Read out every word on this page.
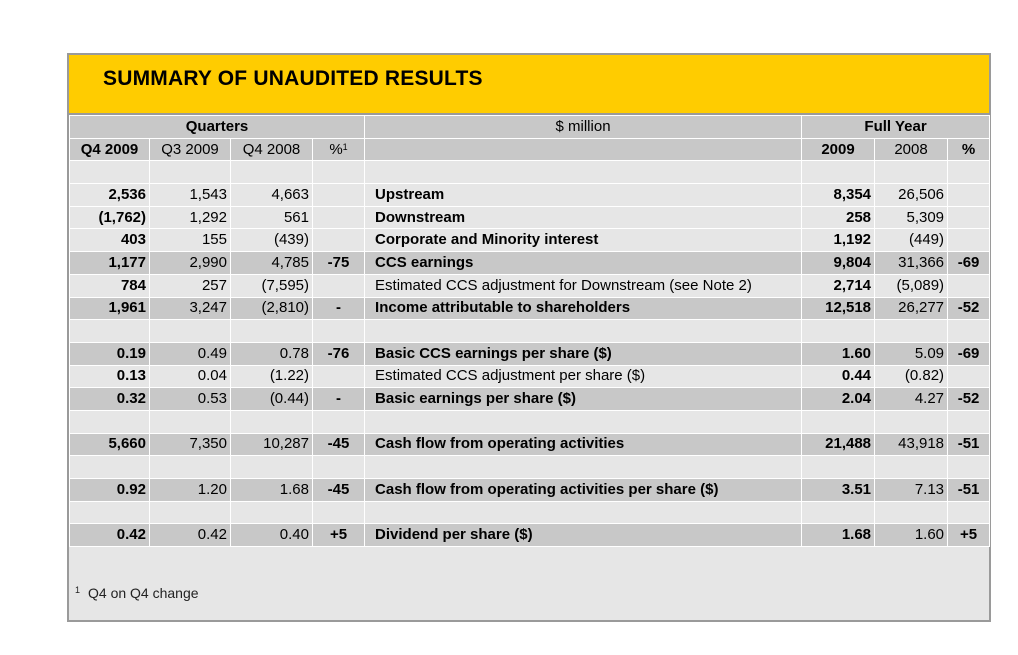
SUMMARY OF UNAUDITED RESULTS
Quarters				$ million	Full Year		
Q4 2009	Q3 2009	Q4 2008	%$^1$		2009	2008	%

2,536	1,543	4,663		Upstream	8,354	26,506	
(1,762)	1,292	561		Downstream	258	5,309	
403	155	(439)		Corporate and Minority interest	1,192	(449)	
1,177	2,990	4,785	-75	CCS earnings	9,804	31,366	-69
784	257	(7,595)		Estimated CCS adjustment for Downstream (see Note 2)	2,714	(5,089)	
1,961	3,247	(2,810)	-	Income attributable to shareholders	12,518	26,277	-52

0.19	0.49	0.78	-76	Basic CCS earnings per share ($)	1.60	5.09	-69
0.13	0.04	(1.22)		Estimated CCS adjustment per share ($)	0.44	(0.82)	
0.32	0.53	(0.44)	-	Basic earnings per share ($)	2.04	4.27	-52

5,660	7,350	10,287	-45	Cash flow from operating activities	21,488	43,918	-51

0.92	1.20	1.68	-45	Cash flow from operating activities per share ($)	3.51	7.13	-51

0.42	0.42	0.40	+5	Dividend per share ($)	1.68	1.60	+5
$^1$ Q4 on Q4 change
